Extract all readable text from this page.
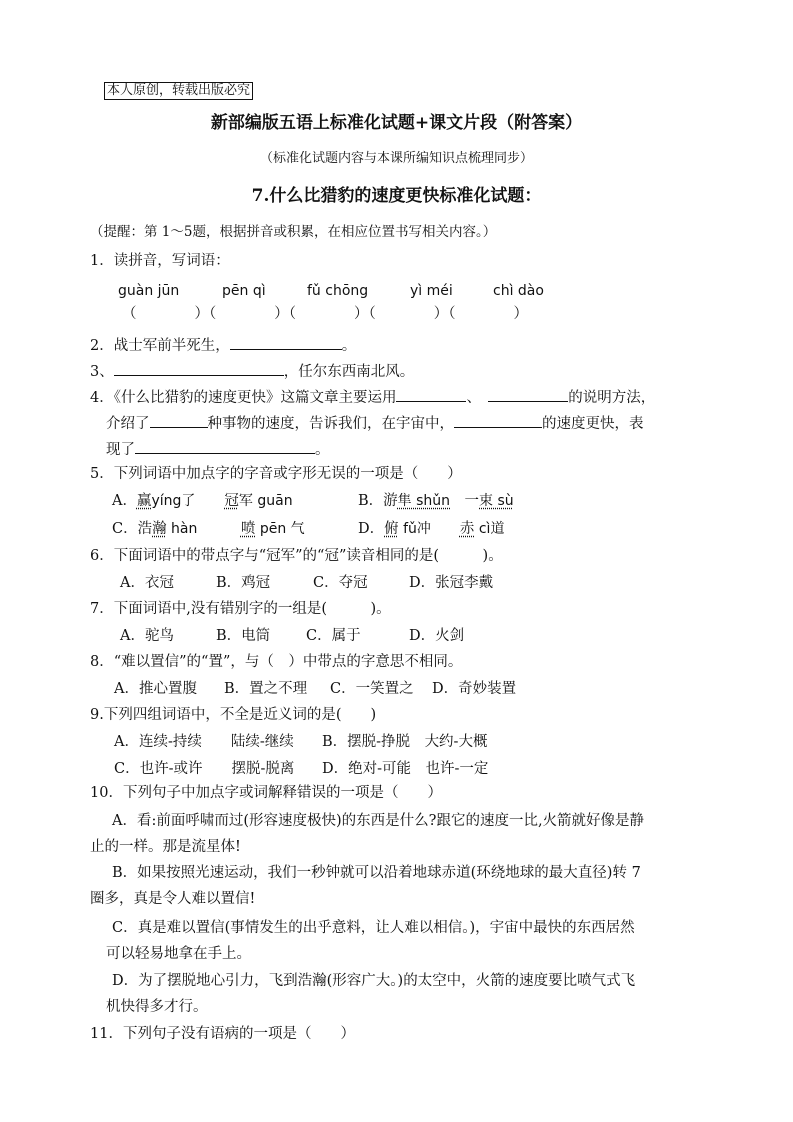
本人原创，转载出版必究
新部编版五语上标准化试题+课文片段（附答案）
（标准化试题内容与本课所编知识点梳理同步）
7.什么比猎豹的速度更快标准化试题：
（提醒：第 1～5题，根据拼音或积累，在相应位置书写相关内容。）
1．读拼音，写词语：
guàn jūn	pēn qì	fǔ chōng	yì méi	chì dào
（　　　　）（　　　　）（　　　　）（　　　　）（　　　　）
2．战士军前半死生，	。
3、	，任尔东西南北风。
4．《什么比猎豹的速度更快》这篇文章主要运用	、　	的说明方法，
介绍了	种事物的速度，告诉我们，在宇宙中，	的速度更快，表
现了	。
5．下列词语中加点字的字音或字形无误的一项是（　　）
A．赢yíng了　　 冠军 guān	B．游隼 shǔn　 一束 sù
C．浩瀚 hàn　　　	喷 pēn 气	D．俯 fǔ冲　　 赤 cì道
6．下面词语中的带点字与“冠军”的“冠”读音相同的是(　　　)。
A．衣冠	B．鸡冠	C．夺冠	D．张冠李戴
7．下面词语中,没有错别字的一组是(　　　)。
A．驼鸟	B．电筒 C．属于	D．火剑
8．“难以置信”的“置”，与（　）中带点的字意思不相同。
A．推心置腹 B．置之不理 C．一笑置之 D．奇妙装置
9.下列四组词语中，不全是近义词的是(　　)
A．连续-持续　　 陆续-继续 B．摆脱-挣脱　 大约-大概
C．也许-或许　　 摆脱-脱离 D．绝对-可能　 也许-一定
10．下列句子中加点字或词解释错误的一项是（　　）
A．看:前面呼啸而过(形容速度极快)的东西是什么?跟它的速度一比,火箭就好像是静
止的一样。那是流星体!
B．如果按照光速运动，我们一秒钟就可以沿着地球赤道(环绕地球的最大直径)转 7
圈多，真是令人难以置信!
C．真是难以置信(事情发生的出乎意料，让人难以相信。)，宇宙中最快的东西居然
可以轻易地拿在手上。
D．为了摆脱地心引力，飞到浩瀚(形容广大。)的太空中，火箭的速度要比喷气式飞
机快得多才行。
11．下列句子没有语病的一项是（　　）
